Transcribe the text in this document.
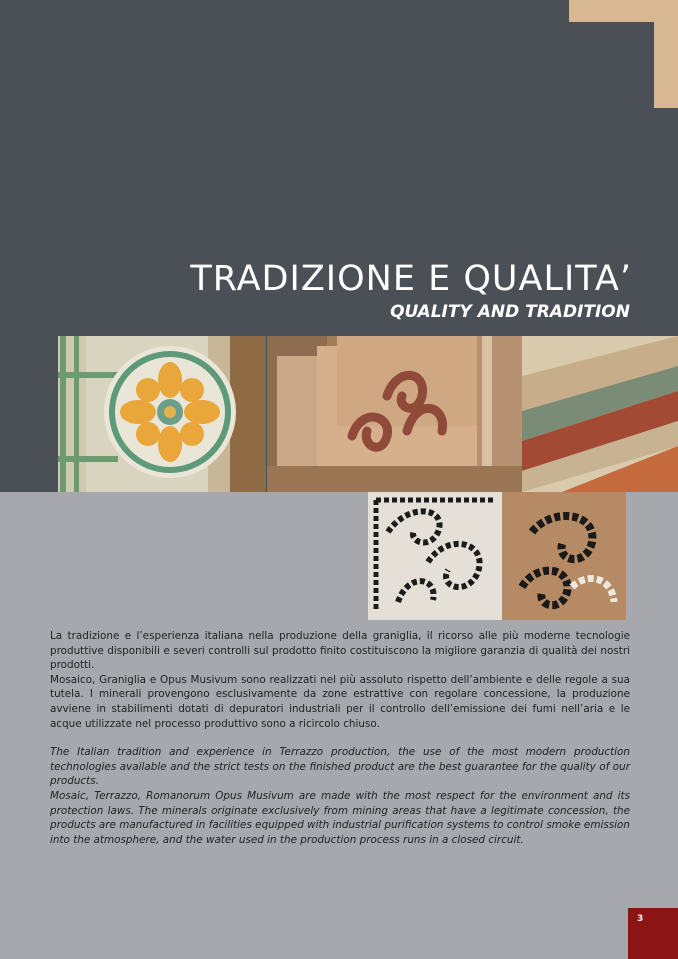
TRADIZIONE E QUALITA’
QUALITY AND TRADITION

La tradizione e l’esperienza italiana nella produzione della graniglia, il ricorso alle più moderne tecnologie produttive disponibili e severi controlli sul prodotto finito costituiscono la migliore garanzia di qualità dei nostri prodotti.

Mosaico, Graniglia e Opus Musivum sono realizzati nel più assoluto rispetto dell’ambiente e delle regole a sua tutela. I minerali provengono esclusivamente da zone estrattive con regolare concessione, la produzione avviene in stabilimenti dotati di depuratori industriali per il controllo dell’emissione dei fumi nell’aria e le acque utilizzate nel processo produttivo sono a ricircolo chiuso.

The Italian tradition and experience in Terrazzo production, the use of the most modern production technologies available and the strict tests on the finished product are the best guarantee for the quality of our products.

Mosaic, Terrazzo, Romanorum Opus Musivum are made with the most respect for the environment and its protection laws. The minerals originate exclusively from mining areas that have a legitimate concession, the products are manufactured in facilities equipped with industrial purification systems to control smoke emission into the atmosphere, and the water used in the production process runs in a closed circuit.

3
